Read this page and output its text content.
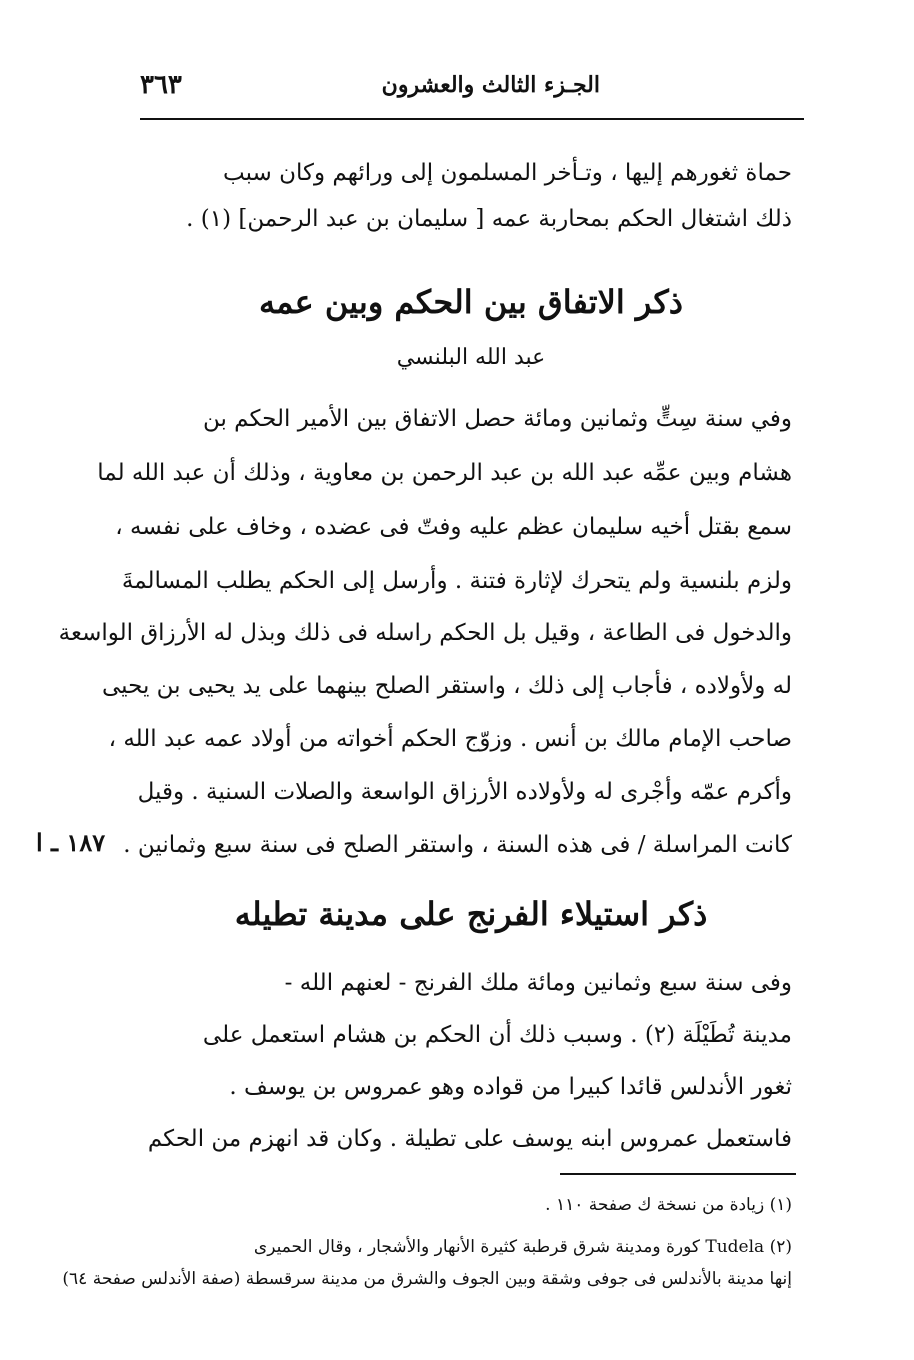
٣٦٣	الجـزء الثالث والعشرون
حماة ثغورهم إليها ، وتـأخر المسلمون إلى ورائهم وكان سبب
ذلك اشتغال الحكم بمحاربة عمه [ سليمان بن عبد الرحمن] (١) .
ذكر الاتفاق بين الحكم وبين عمه
عبد الله البلنسي
وفي سنة سِتٍّ وثمانين ومائة حصل الاتفاق بين الأمير الحكم بن
هشام وبين عمِّه عبد الله بن عبد الرحمن بن معاوية ، وذلك أن عبد الله لما
سمع بقتل أخيه سليمان عظم عليه وفتّ فى عضده ، وخاف على نفسه ،
ولزم بلنسية ولم يتحرك لإثارة فتنة . وأرسل إلى الحكم يطلب المسالمةَ
والدخول فى الطاعة ، وقيل بل الحكم راسله فى ذلك وبذل له الأرزاق الواسعة
له ولأولاده ، فأجاب إلى ذلك ، واستقر الصلح بينهما على يد يحيى بن يحيى
صاحب الإمام مالك بن أنس . وزوّج الحكم أخواته من أولاد عمه عبد الله ،
وأكرم عمّه وأجْرى له ولأولاده الأرزاق الواسعة والصلات السنية . وقيل
كانت المراسلة / فى هذه السنة ، واستقر الصلح فى سنة سبع وثمانين .
١٨٧ ـ ا
ذكر استيلاء الفرنج على مدينة تطيله
وفى سنة سبع وثمانين ومائة ملك الفرنج - لعنهم الله -
مدينة تُطَيْلَة (٢) . وسبب ذلك أن الحكم بن هشام استعمل على
ثغور الأندلس قائدا كبيرا من قواده وهو عمروس بن يوسف .
فاستعمل عمروس ابنه يوسف على تطيلة . وكان قد انهزم من الحكم
(١) زيادة من نسخة ك صفحة ١١٠ .
(٢) Tudela كورة ومدينة شرق قرطبة كثيرة الأنهار والأشجار ، وقال الحميرى
إنها مدينة بالأندلس فى جوفى وشقة وبين الجوف والشرق من مدينة سرقسطة (صفة الأندلس صفحة ٦٤)
